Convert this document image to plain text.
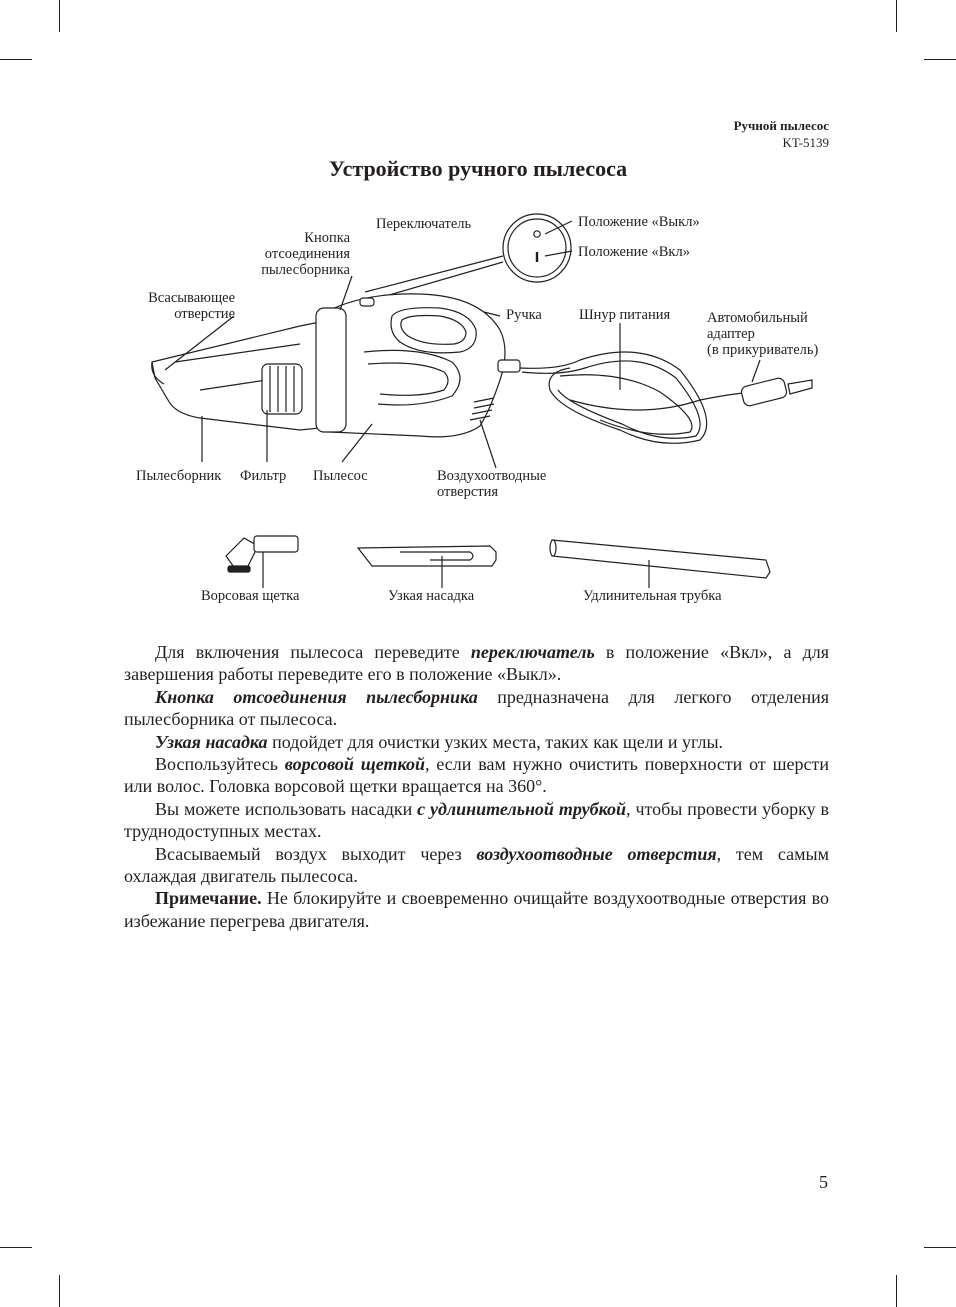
Ручной пылесос
KT-5139
Устройство ручного пылесоса
Переключатель
Кнопка
отсоединения
пылесборника
Всасывающее
отверстие
Положение «Выкл»
Положение «Вкл»
Ручка	Шнур питания	Автомобильный
адаптер
(в прикуриватель)
Пылесборник Фильтр Пылесос	Воздухоотводные
отверстия
Ворсовая щетка	Узкая насадка	Удлинительная трубка

Для включения пылесоса переведите переключатель в положение «Вкл», а для завершения работы переведите его в положение «Выкл».

Кнопка отсоединения пылесборника предназначена для легкого отделения пылесборника от пылесоса.

Узкая насадка подойдет для очистки узких места, таких как щели и углы.

Воспользуйтесь ворсовой щеткой, если вам нужно очистить поверхности от шерсти или волос. Головка ворсовой щетки вращается на 360°.

Вы можете использовать насадки с удлинительной трубкой, чтобы провести уборку в труднодоступных местах.

Всасываемый воздух выходит через воздухоотводные отверстия, тем самым охлаждая двигатель пылесоса.

Примечание. Не блокируйте и своевременно очищайте воздухоотводные отверстия во избежание перегрева двигателя.

5
